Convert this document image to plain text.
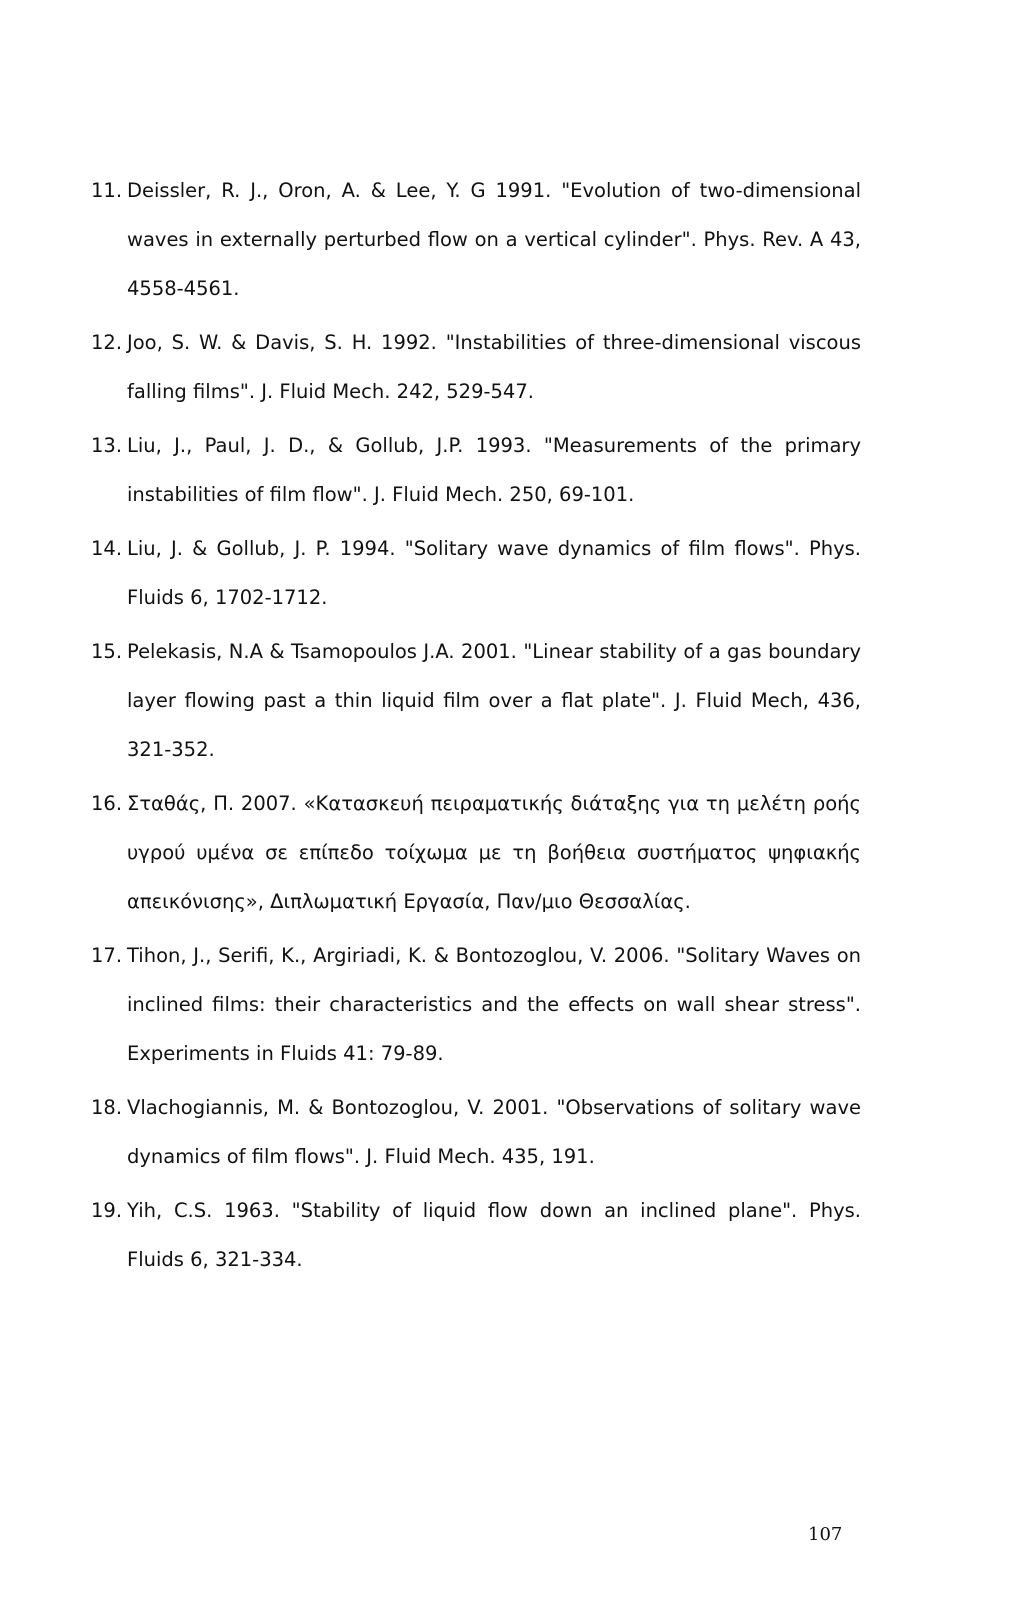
11. Deissler, R. J., Oron, A. & Lee, Y. G 1991. "Evolution of two-dimensional waves in externally perturbed flow on a vertical cylinder". Phys. Rev. A 43, 4558-4561.
12. Joo, S. W. & Davis, S. H. 1992. "Instabilities of three-dimensional viscous falling films". J. Fluid Mech. 242, 529-547.
13. Liu, J., Paul, J. D., & Gollub, J.P. 1993. "Measurements of the primary instabilities of film flow". J. Fluid Mech. 250, 69-101.
14. Liu, J. & Gollub, J. P. 1994. "Solitary wave dynamics of film flows". Phys. Fluids 6, 1702-1712.
15. Pelekasis, N.A & Tsamopoulos J.A. 2001. "Linear stability of a gas boundary layer flowing past a thin liquid film over a flat plate". J. Fluid Mech, 436, 321-352.
16. Σταθάς, Π. 2007. «Κατασκευή πειραματικής διάταξης για τη μελέτη ροής υγρού υμένα σε επίπεδο τοίχωμα με τη βοήθεια συστήματος ψηφιακής απεικόνισης», Διπλωματική Εργασία, Παν/μιο Θεσσαλίας.
17. Tihon, J., Serifi, K., Argiriadi, K. & Bontozoglou, V. 2006. "Solitary Waves on inclined films: their characteristics and the effects on wall shear stress". Experiments in Fluids 41: 79-89.
18. Vlachogiannis, M. & Bontozoglou, V. 2001. "Observations of solitary wave dynamics of film flows". J. Fluid Mech. 435, 191.
19. Yih, C.S. 1963. "Stability of liquid flow down an inclined plane". Phys. Fluids 6, 321-334.
107
